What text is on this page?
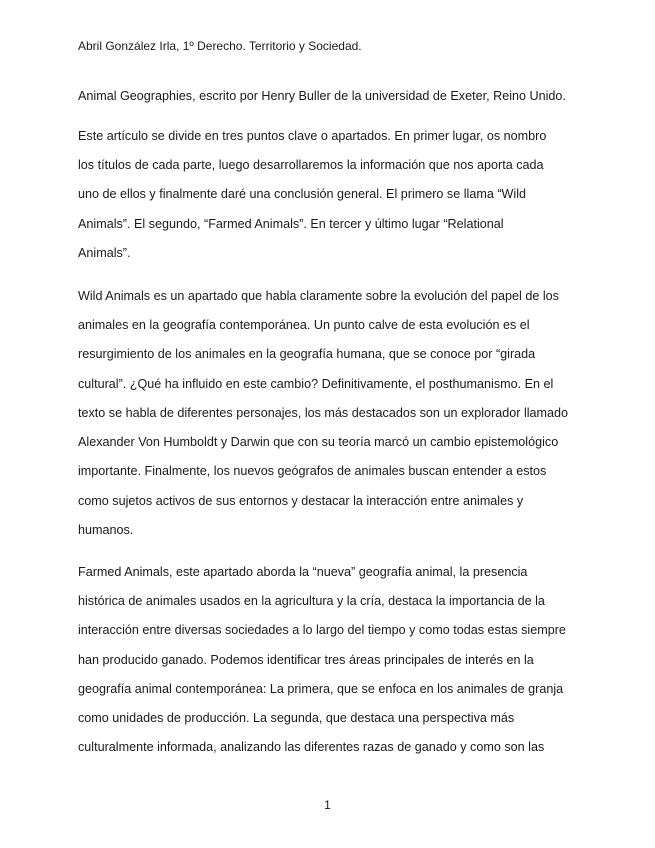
Abril González Irla, 1º Derecho. Territorio y Sociedad.
Animal Geographies, escrito por Henry Buller de la universidad de Exeter, Reino Unido.
Este artículo se divide en tres puntos clave o apartados. En primer lugar, os nombro
los títulos de cada parte, luego desarrollaremos la información que nos aporta cada
uno de ellos y finalmente daré una conclusión general. El primero se llama “Wild
Animals”. El segundo, “Farmed Animals”. En tercer y último lugar “Relational
Animals”.
Wild Animals es un apartado que habla claramente sobre la evolución del papel de los
animales en la geografía contemporánea. Un punto calve de esta evolución es el
resurgimiento de los animales en la geografía humana, que se conoce por “girada
cultural”. ¿Qué ha influido en este cambio? Definitivamente, el posthumanismo. En el
texto se habla de diferentes personajes, los más destacados son un explorador llamado
Alexander Von Humboldt y Darwin que con su teoría marcó un cambio epistemológico
importante. Finalmente, los nuevos geógrafos de animales buscan entender a estos
como sujetos activos de sus entornos y destacar la interacción entre animales y
humanos.
Farmed Animals, este apartado aborda la “nueva” geografía animal, la presencia
histórica de animales usados en la agricultura y la cría, destaca la importancia de la
interacción entre diversas sociedades a lo largo del tiempo y como todas estas siempre
han producido ganado. Podemos identificar tres áreas principales de interés en la
geografía animal contemporánea: La primera, que se enfoca en los animales de granja
como unidades de producción. La segunda, que destaca una perspectiva más
culturalmente informada, analizando las diferentes razas de ganado y como son las
1
